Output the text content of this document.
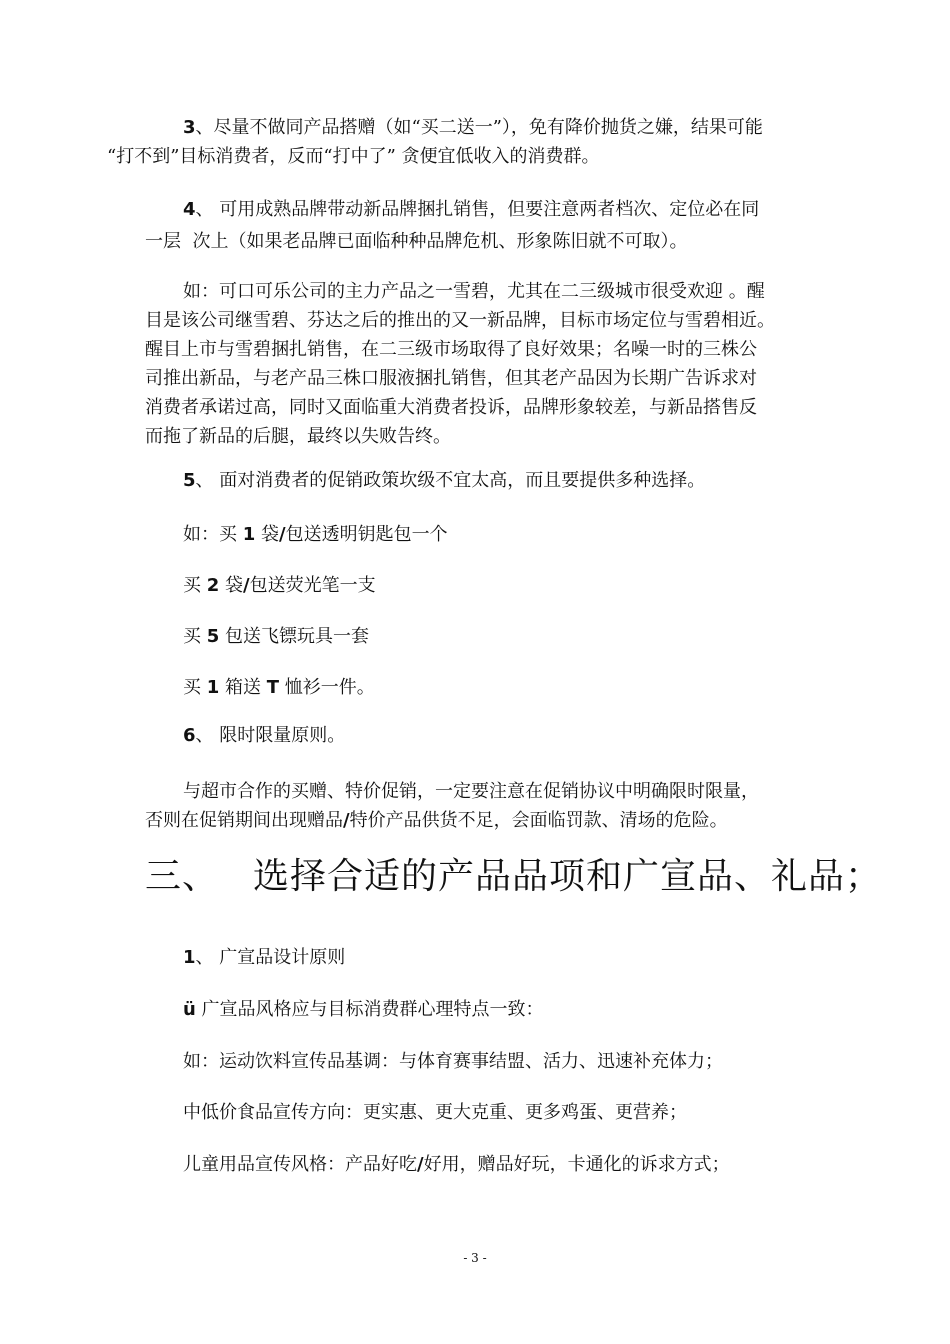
3、尽量不做同产品搭赠（如“买二送一”），免有降价抛货之嫌，结果可能
“打不到”目标消费者，反而“打中了” 贪便宜低收入的消费群。

4、 可用成熟品牌带动新品牌捆扎销售，但要注意两者档次、定位必在同
一层  次上（如果老品牌已面临种种品牌危机、形象陈旧就不可取）。

如：可口可乐公司的主力产品之一雪碧，尤其在二三级城市很受欢迎 。醒
目是该公司继雪碧、芬达之后的推出的又一新品牌，目标市场定位与雪碧相近。
醒目上市与雪碧捆扎销售，在二三级市场取得了良好效果；名噪一时的三株公
司推出新品，与老产品三株口服液捆扎销售，但其老产品因为长期广告诉求对
消费者承诺过高，同时又面临重大消费者投诉，品牌形象较差，与新品搭售反
而拖了新品的后腿，最终以失败告终。
5、 面对消费者的促销政策坎级不宜太高，而且要提供多种选择。
如：买 1 袋/包送透明钥匙包一个
买 2 袋/包送荧光笔一支
买 5 包送飞镖玩具一套
买 1 箱送 T 恤衫一件。
6、 限时限量原则。
与超市合作的买赠、特价促销，一定要注意在促销协议中明确限时限量，
否则在促销期间出现赠品/特价产品供货不足，会面临罚款、清场的危险。
三、 选择合适的产品品项和广宣品、礼品；
1、 广宣品设计原则
ü 广宣品风格应与目标消费群心理特点一致：
如：运动饮料宣传品基调：与体育赛事结盟、活力、迅速补充体力；
中低价食品宣传方向：更实惠、更大克重、更多鸡蛋、更营养；
儿童用品宣传风格：产品好吃/好用，赠品好玩，卡通化的诉求方式；
- 3 -
